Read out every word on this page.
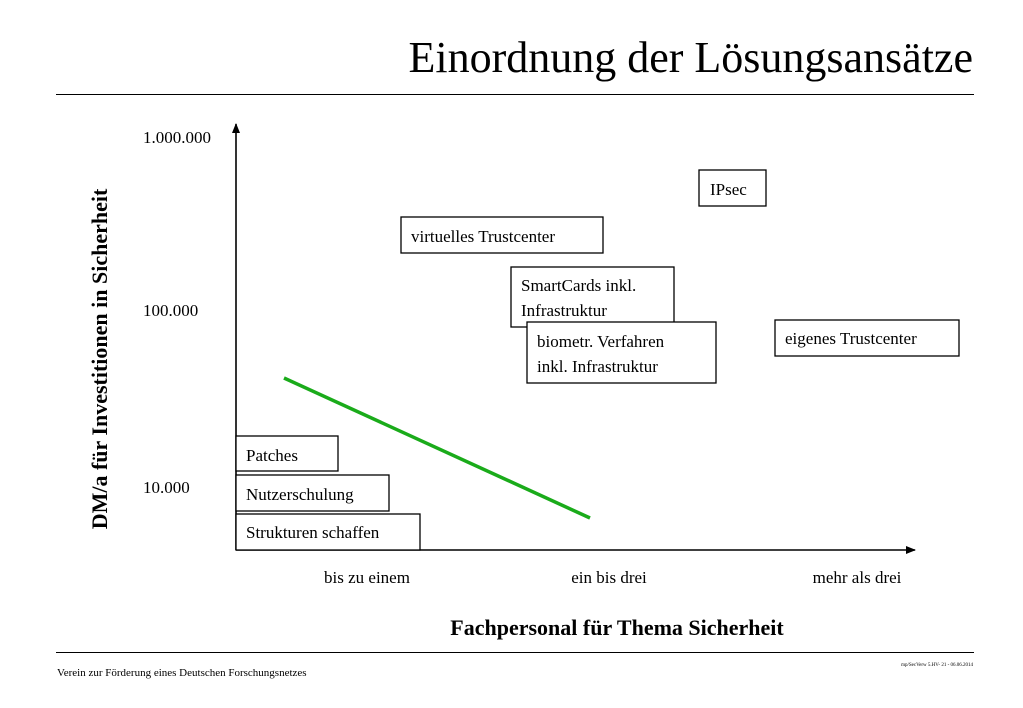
Einordnung der Lösungsansätze
DM/a für Investitionen in Sicherheit
1.000.000
100.000
10.000
bis zu einem	ein bis drei	mehr als drei
Fachpersonal für Thema Sicherheit
IPsec
virtuelles Trustcenter
SmartCards inkl.
Infrastruktur
biometr. Verfahren
inkl. Infrastruktur
eigenes Trustcenter
Patches
Nutzerschulung
Strukturen schaffen
Verein zur Förderung eines Deutschen Forschungsnetzes
mp/SecVerw 5.HV- 21 - 06.06.2014
